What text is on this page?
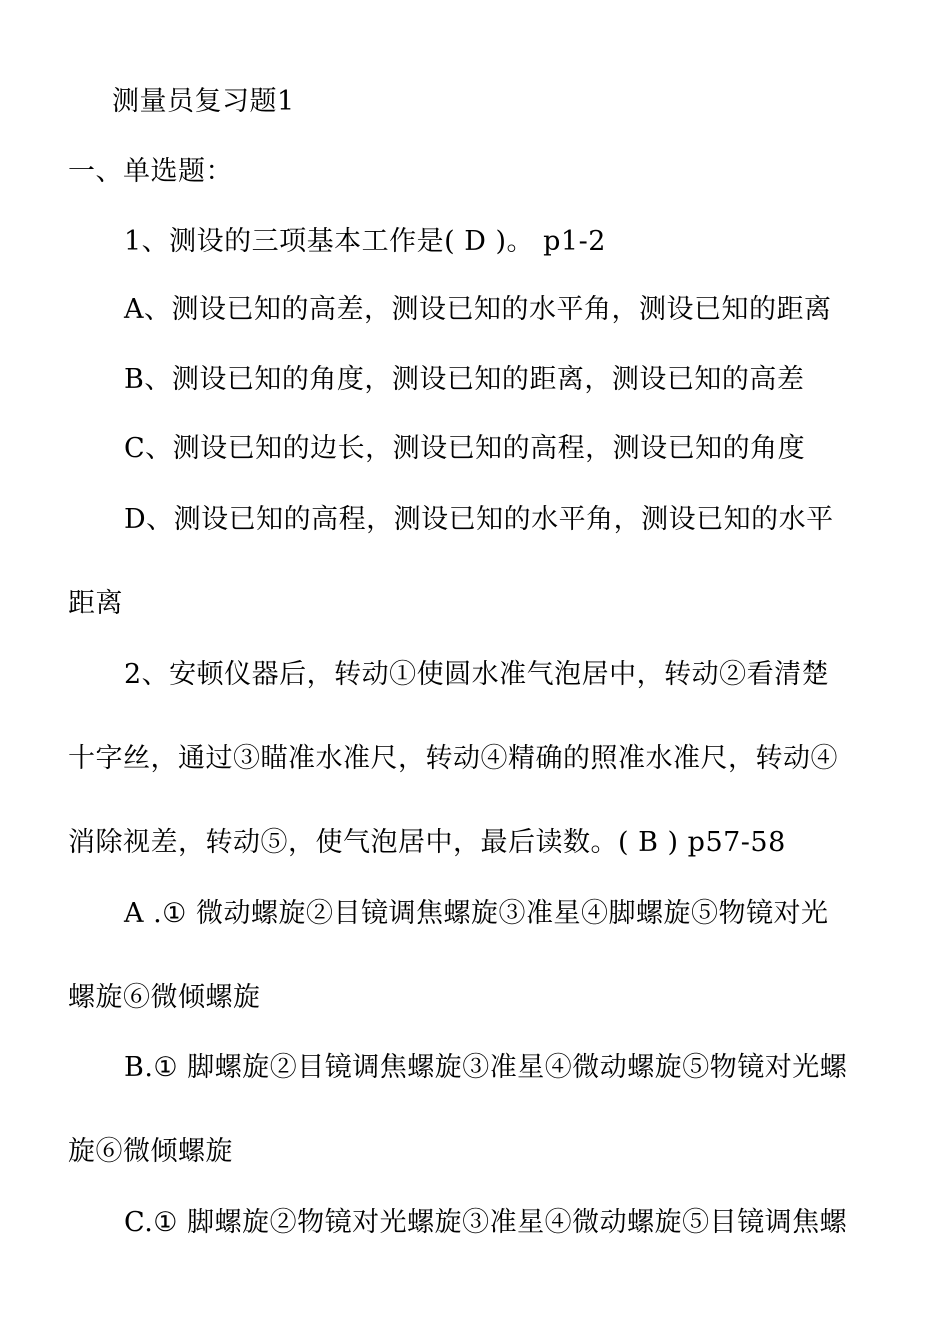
测量员复习题1
一、单选题：
1、测设的三项基本工作是( D )。 p1-2
A、测设已知的高差，测设已知的水平角，测设已知的距离
B、测设已知的角度，测设已知的距离，测设已知的高差
C、测设已知的边长，测设已知的高程，测设已知的角度
D、测设已知的高程，测设已知的水平角，测设已知的水平
距离
2、安顿仪器后，转动①使圆水准气泡居中，转动②看清楚
十字丝，通过③瞄准水准尺，转动④精确的照准水准尺，转动④
消除视差，转动⑤，使气泡居中，最后读数。( B ) p57-58
A .① 微动螺旋②目镜调焦螺旋③准星④脚螺旋⑤物镜对光
螺旋⑥微倾螺旋
B.① 脚螺旋②目镜调焦螺旋③准星④微动螺旋⑤物镜对光螺
旋⑥微倾螺旋
C.① 脚螺旋②物镜对光螺旋③准星④微动螺旋⑤目镜调焦螺
